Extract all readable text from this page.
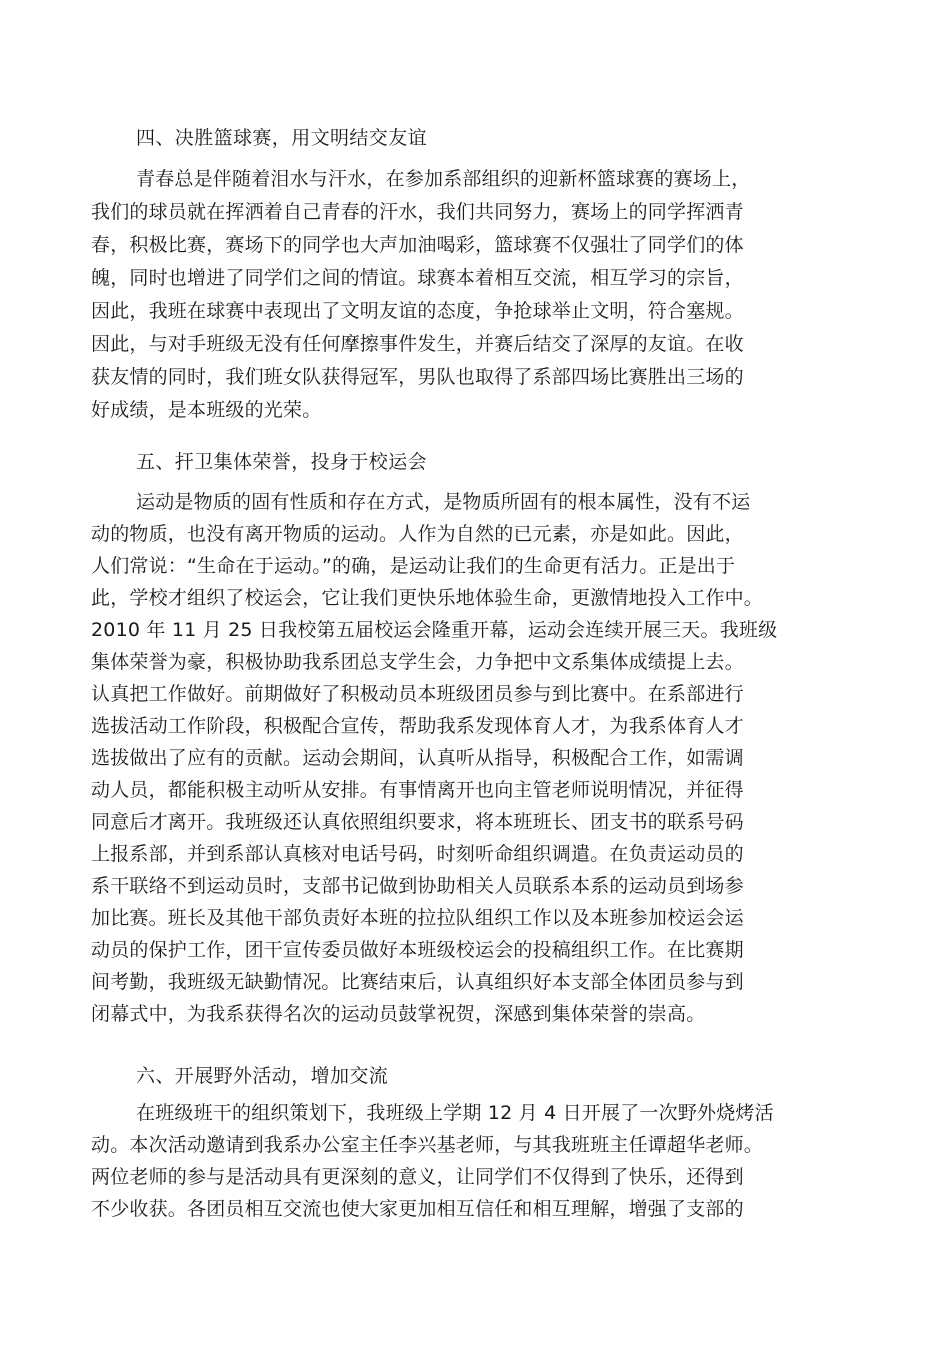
四、决胜篮球赛，用文明结交友谊
青春总是伴随着泪水与汗水，在参加系部组织的迎新杯篮球赛的赛场上，
我们的球员就在挥洒着自己青春的汗水，我们共同努力，赛场上的同学挥洒青
春，积极比赛，赛场下的同学也大声加油喝彩，篮球赛不仅强壮了同学们的体
魄，同时也增进了同学们之间的情谊。球赛本着相互交流，相互学习的宗旨，
因此，我班在球赛中表现出了文明友谊的态度，争抢球举止文明，符合塞规。
因此，与对手班级无没有任何摩擦事件发生，并赛后结交了深厚的友谊。在收
获友情的同时，我们班女队获得冠军，男队也取得了系部四场比赛胜出三场的
好成绩，是本班级的光荣。
五、扞卫集体荣誉，投身于校运会
运动是物质的固有性质和存在方式，是物质所固有的根本属性，没有不运
动的物质，也没有离开物质的运动。人作为自然的已元素，亦是如此。因此，
人们常说：“生命在于运动。”的确，是运动让我们的生命更有活力。正是出于
此，学校才组织了校运会，它让我们更快乐地体验生命，更激情地投入工作中。
2010 年 11 月 25 日我校第五届校运会隆重开幕，运动会连续开展三天。我班级
集体荣誉为豪，积极协助我系团总支学生会，力争把中文系集体成绩提上去。
认真把工作做好。前期做好了积极动员本班级团员参与到比赛中。在系部进行
选拔活动工作阶段，积极配合宣传，帮助我系发现体育人才，为我系体育人才
选拔做出了应有的贡献。运动会期间，认真听从指导，积极配合工作，如需调
动人员，都能积极主动听从安排。有事情离开也向主管老师说明情况，并征得
同意后才离开。我班级还认真依照组织要求，将本班班长、团支书的联系号码
上报系部，并到系部认真核对电话号码，时刻听命组织调遣。在负责运动员的
系干联络不到运动员时，支部书记做到协助相关人员联系本系的运动员到场参
加比赛。班长及其他干部负责好本班的拉拉队组织工作以及本班参加校运会运
动员的保护工作，团干宣传委员做好本班级校运会的投稿组织工作。在比赛期
间考勤，我班级无缺勤情况。比赛结束后，认真组织好本支部全体团员参与到
闭幕式中，为我系获得名次的运动员鼓掌祝贺，深感到集体荣誉的崇高。
六、开展野外活动，增加交流
在班级班干的组织策划下，我班级上学期 12 月 4 日开展了一次野外烧烤活
动。本次活动邀请到我系办公室主任李兴基老师，与其我班班主任谭超华老师。
两位老师的参与是活动具有更深刻的意义，让同学们不仅得到了快乐，还得到
不少收获。各团员相互交流也使大家更加相互信任和相互理解，增强了支部的
